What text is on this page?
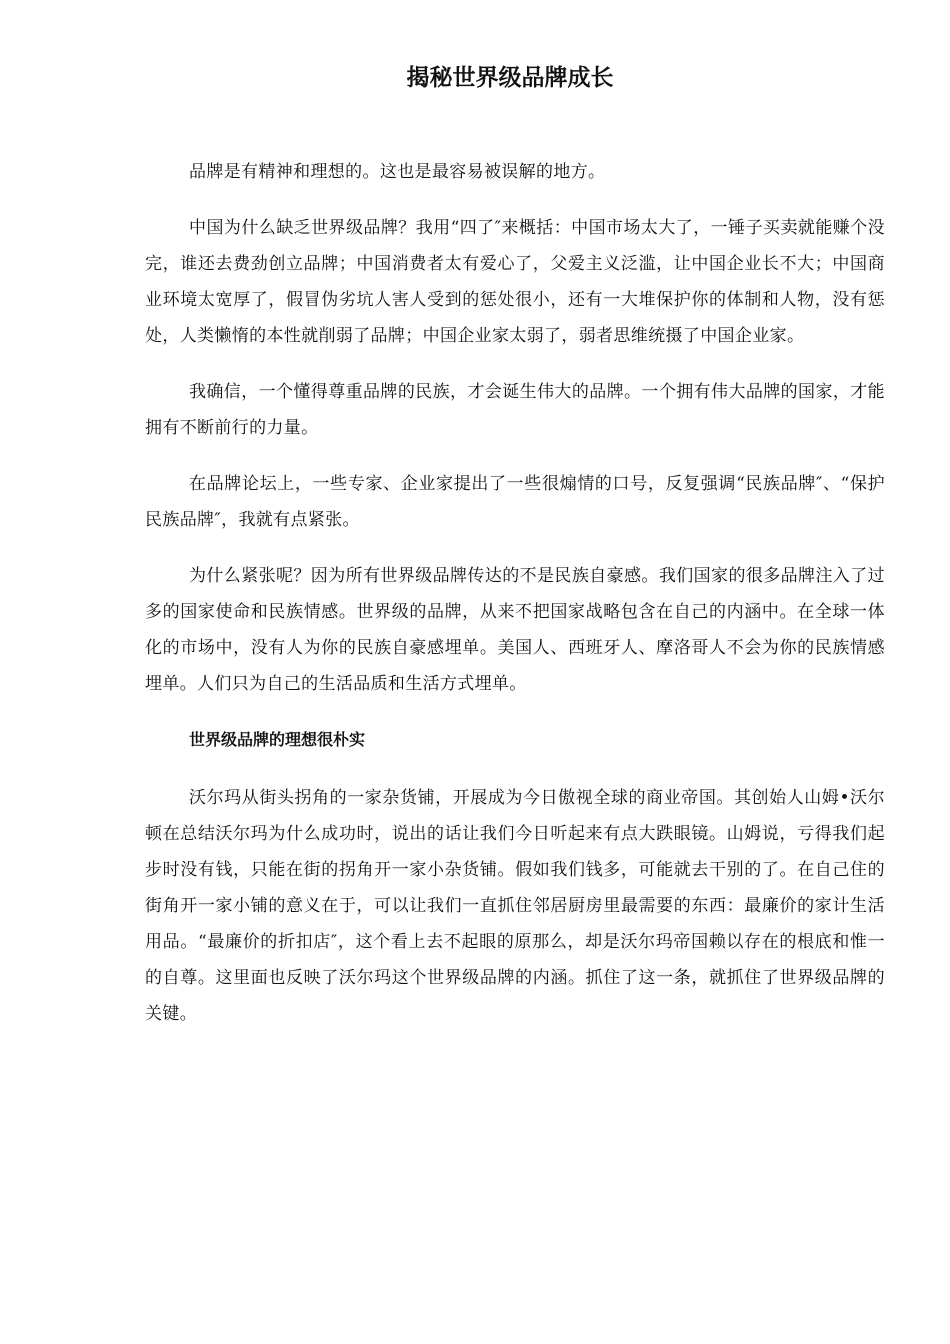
揭秘世界级品牌成长

品牌是有精神和理想的。这也是最容易被误解的地方。

中国为什么缺乏世界级品牌？我用“四了″来概括：中国市场太大了，一锤子买卖就能赚个没完，谁还去费劲创立品牌；中国消费者太有爱心了，父爱主义泛滥，让中国企业长不大；中国商业环境太宽厚了，假冒伪劣坑人害人受到的惩处很小，还有一大堆保护你的体制和人物，没有惩处，人类懒惰的本性就削弱了品牌；中国企业家太弱了，弱者思维统摄了中国企业家。

我确信，一个懂得尊重品牌的民族，才会诞生伟大的品牌。一个拥有伟大品牌的国家，才能拥有不断前行的力量。

在品牌论坛上，一些专家、企业家提出了一些很煽情的口号，反复强调“民族品牌″、“保护民族品牌″，我就有点紧张。

为什么紧张呢？因为所有世界级品牌传达的不是民族自豪感。我们国家的很多品牌注入了过多的国家使命和民族情感。世界级的品牌，从来不把国家战略包含在自己的内涵中。在全球一体化的市场中，没有人为你的民族自豪感埋单。美国人、西班牙人、摩洛哥人不会为你的民族情感埋单。人们只为自己的生活品质和生活方式埋单。

世界级品牌的理想很朴实

沃尔玛从街头拐角的一家杂货铺，开展成为今日傲视全球的商业帝国。其创始人山姆•沃尔顿在总结沃尔玛为什么成功时，说出的话让我们今日听起来有点大跌眼镜。山姆说，亏得我们起步时没有钱，只能在街的拐角开一家小杂货铺。假如我们钱多，可能就去干别的了。在自己住的街角开一家小铺的意义在于，可以让我们一直抓住邻居厨房里最需要的东西：最廉价的家计生活用品。“最廉价的折扣店″，这个看上去不起眼的原那么，却是沃尔玛帝国赖以存在的根底和惟一的自尊。这里面也反映了沃尔玛这个世界级品牌的内涵。抓住了这一条，就抓住了世界级品牌的关键。
